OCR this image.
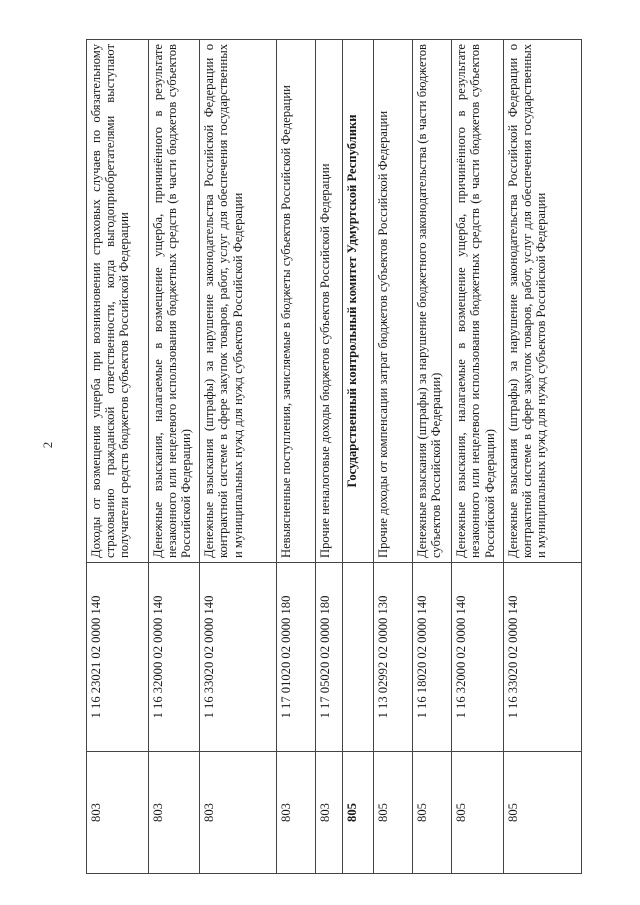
2
803	1 16 23021 02 0000 140	Доходы от возмещения ущерба при возникновении страховых случаев по обязательному страхованию гражданской ответственности, когда выгодоприобретателями выступают получатели средств бюджетов субъектов Российской Федерации
803	1 16 32000 02 0000 140	Денежные взыскания, налагаемые в возмещение ущерба, причинённого в результате незаконного или нецелевого использования бюджетных средств (в части бюджетов субъектов Российской Федерации)
803	1 16 33020 02 0000 140	Денежные взыскания (штрафы) за нарушение законодательства Российской Федерации о контрактной системе в сфере закупок товаров, работ, услуг для обеспечения государственных и муниципальных нужд для нужд субъектов Российской Федерации
803	1 17 01020 02 0000 180	Невыясненные поступления, зачисляемые в бюджеты субъектов Российской Федерации
803	1 17 05020 02 0000 180	Прочие неналоговые доходы бюджетов субъектов Российской Федерации
805		Государственный контрольный комитет Удмуртской Республики
805	1 13 02992 02 0000 130	Прочие доходы от компенсации затрат бюджетов субъектов Российской Федерации
805	1 16 18020 02 0000 140	Денежные взыскания (штрафы) за нарушение бюджетного законодательства (в части бюджетов субъектов Российской Федерации)
805	1 16 32000 02 0000 140	Денежные взыскания, налагаемые в возмещение ущерба, причинённого в результате незаконного или нецелевого использования бюджетных средств (в части бюджетов субъектов Российской Федерации)
805	1 16 33020 02 0000 140	Денежные взыскания (штрафы) за нарушение законодательства Российской Федерации о контрактной системе в сфере закупок товаров, работ, услуг для обеспечения государственных и муниципальных нужд для нужд субъектов Российской Федерации
